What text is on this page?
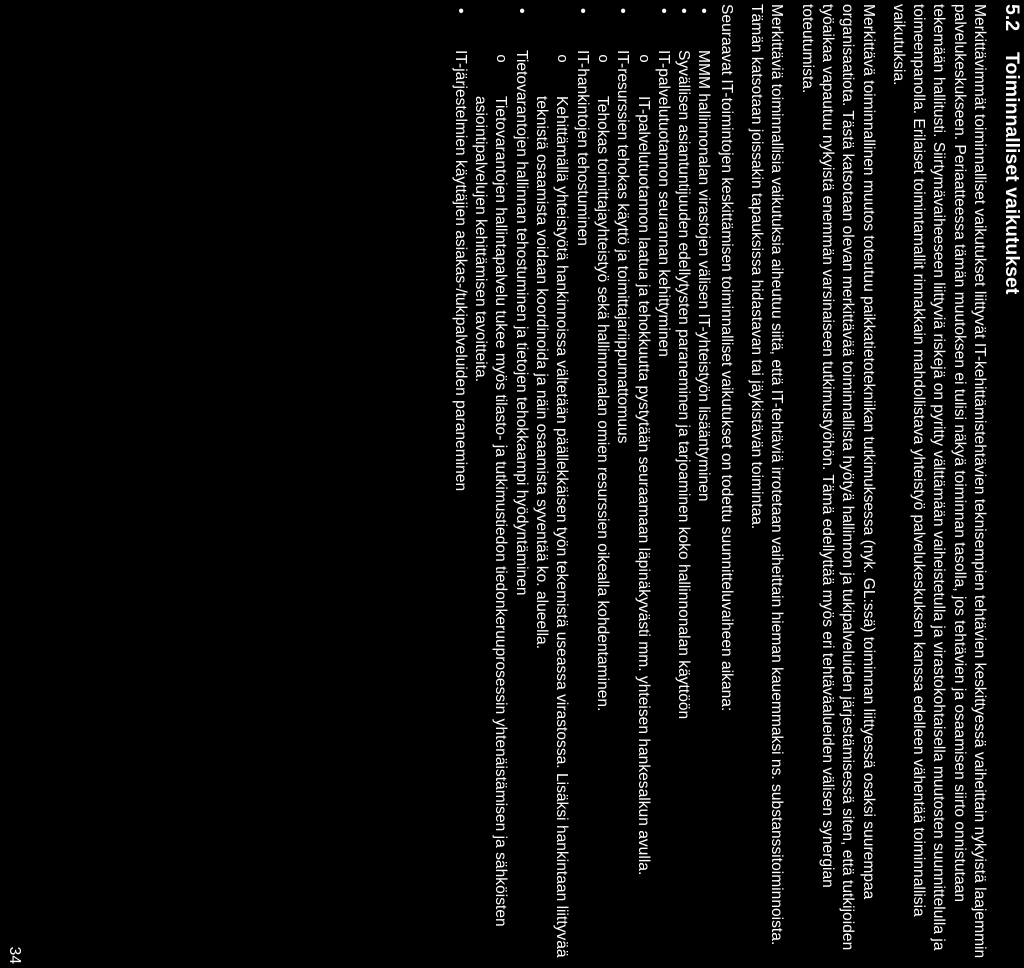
5.2
Toiminnalliset vaikutukset

Merkittävimmät toiminnalliset vaikutukset liittyvät IT-kehittämistehtävien teknisempien tehtävien keskittyessä vaiheittain nykyistä laajemmin palvelukeskukseen. Periaatteessa tämän muutoksen ei tulisi näkyä toiminnan tasolla, jos tehtävien ja osaamisen siirto onnistutaan tekemään hallitusti. Siirtymävaiheeseen liittyviä riskejä on pyritty välttämään vaiheistetulla ja virastokohtaisella muutosten suunnittelulla ja toimeenpanolla. Erilaiset toimintamallit rinnakkain mahdollistava yhteistyö palvelukeskuksen kanssa edelleen vähentää toiminnallisia vaikutuksia.

Merkittävä toiminnallinen muutos toteutuu paikkatietotekniikan tutkimuksessa (nyk. GL:ssä) toiminnan liittyessä osaksi suurempaa organisaatiota. Tästä katsotaan olevan merkittävää toiminnallista hyötyä hallinnon ja tukipalveluiden järjestämisessä siten, että tutkijoiden työaikaa vapautuu nykyistä enemmän varsinaiseen tutkimustyöhön. Tämä edellyttää myös eri tehtäväalueiden välisen synergian toteutumista.

Merkittäviä toiminnallisia vaikutuksia aiheutuu siitä, että IT-tehtäviä irrotetaan vaiheittain hieman kauemmaksi ns. substanssitoiminnoista. Tämän katsotaan joissakin tapauksissa hidastavan tai jäykistävän toimintaa.

Seuraavat IT-toimintojen keskittämisen toiminnalliset vaikutukset on todettu suunnitteluvaiheen aikana:

• MMM hallinnonalan virastojen välisen IT-yhteistyön lisääntyminen
• Syvällisen asiantuntijuuden edellytysten paraneminen ja tarjoaminen koko hallinnonalan käyttöön
• IT-palvelutuotannon seurannan kehittyminen
o IT-palvelutuotannon laatua ja tehokkuutta pystytään seuraamaan läpinäkyvästi mm. yhteisen hankesalkun avulla.
• IT-resurssien tehokas käyttö ja toimittajariippumattomuus
o Tehokas toimittajayhteistyö sekä hallinnonalan omien resurssien oikealla kohdentaminen.
• IT-hankintojen tehostuminen
o Kehittämällä yhteistyötä hankinnoissa vältetään päällekkäisen työn tekemistä useassa virastossa. Lisäksi hankintaan liittyvää teknistä osaamista voidaan koordinoida ja näin osaamista syventää ko. alueella.
• Tietovarantojen hallinnan tehostuminen ja tietojen tehokkaampi hyödyntäminen
o Tietovarantojen hallintapalvelu tukee myös tilasto- ja tutkimustiedon tiedonkeruuprosessin yhtenäistämisen ja sähköisten asiointipalvelujen kehittämisen tavoitteita.
• IT-järjestelmien käyttäjien asiakas-/tukipalveluiden paraneminen
34
